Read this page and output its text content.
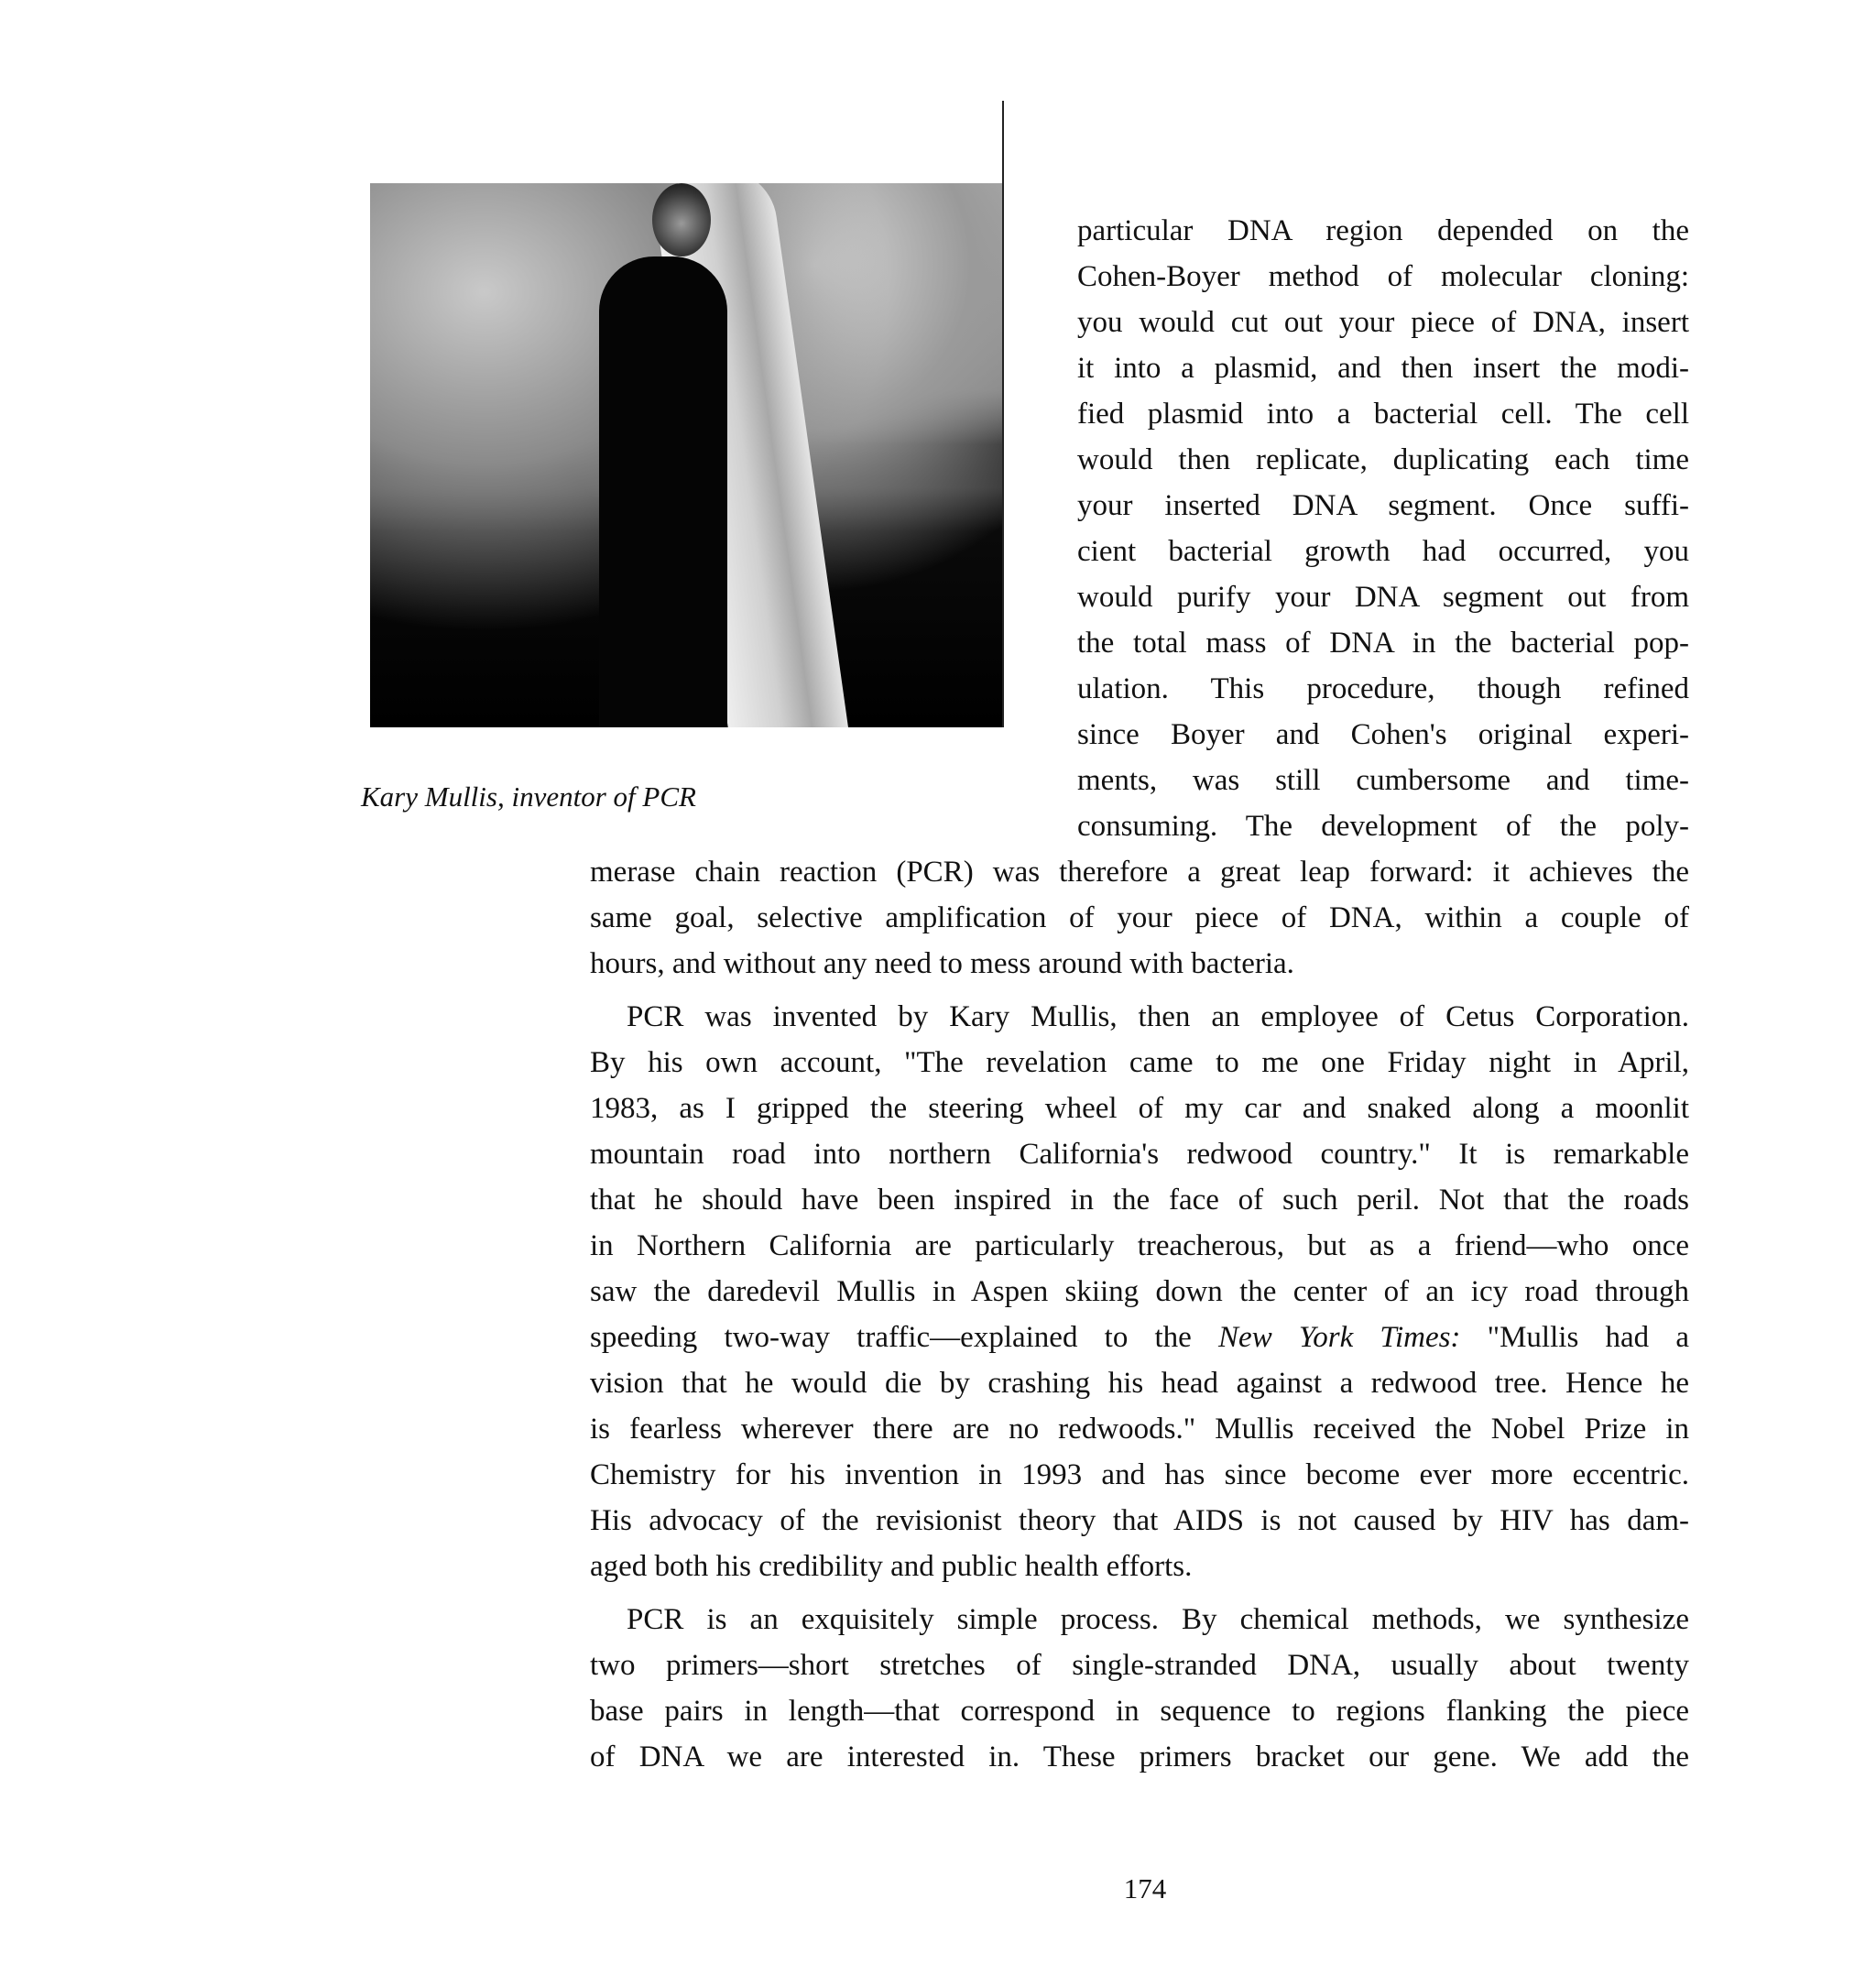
Kary Mullis, inventor of PCR
particular DNA region depended on the
Cohen-Boyer method of molecular cloning:
you would cut out your piece of DNA, insert
it into a plasmid, and then insert the modi-
fied plasmid into a bacterial cell. The cell
would then replicate, duplicating each time
your inserted DNA segment. Once suffi-
cient bacterial growth had occurred, you
would purify your DNA segment out from
the total mass of DNA in the bacterial pop-
ulation. This procedure, though refined
since Boyer and Cohen's original experi-
ments, was still cumbersome and time-
consuming. The development of the poly-
merase chain reaction (PCR) was therefore a great leap forward: it achieves the
same goal, selective amplification of your piece of DNA, within a couple of
hours, and without any need to mess around with bacteria.
PCR was invented by Kary Mullis, then an employee of Cetus Corporation.
By his own account, "The revelation came to me one Friday night in April,
1983, as I gripped the steering wheel of my car and snaked along a moonlit
mountain road into northern California's redwood country." It is remarkable
that he should have been inspired in the face of such peril. Not that the roads
in Northern California are particularly treacherous, but as a friend—who once
saw the daredevil Mullis in Aspen skiing down the center of an icy road through
speeding two-way traffic—explained to the New York Times: "Mullis had a
vision that he would die by crashing his head against a redwood tree. Hence he
is fearless wherever there are no redwoods." Mullis received the Nobel Prize in
Chemistry for his invention in 1993 and has since become ever more eccentric.
His advocacy of the revisionist theory that AIDS is not caused by HIV has dam-
aged both his credibility and public health efforts.
PCR is an exquisitely simple process. By chemical methods, we synthesize
two primers—short stretches of single-stranded DNA, usually about twenty
base pairs in length—that correspond in sequence to regions flanking the piece
of DNA we are interested in. These primers bracket our gene. We add the
174
